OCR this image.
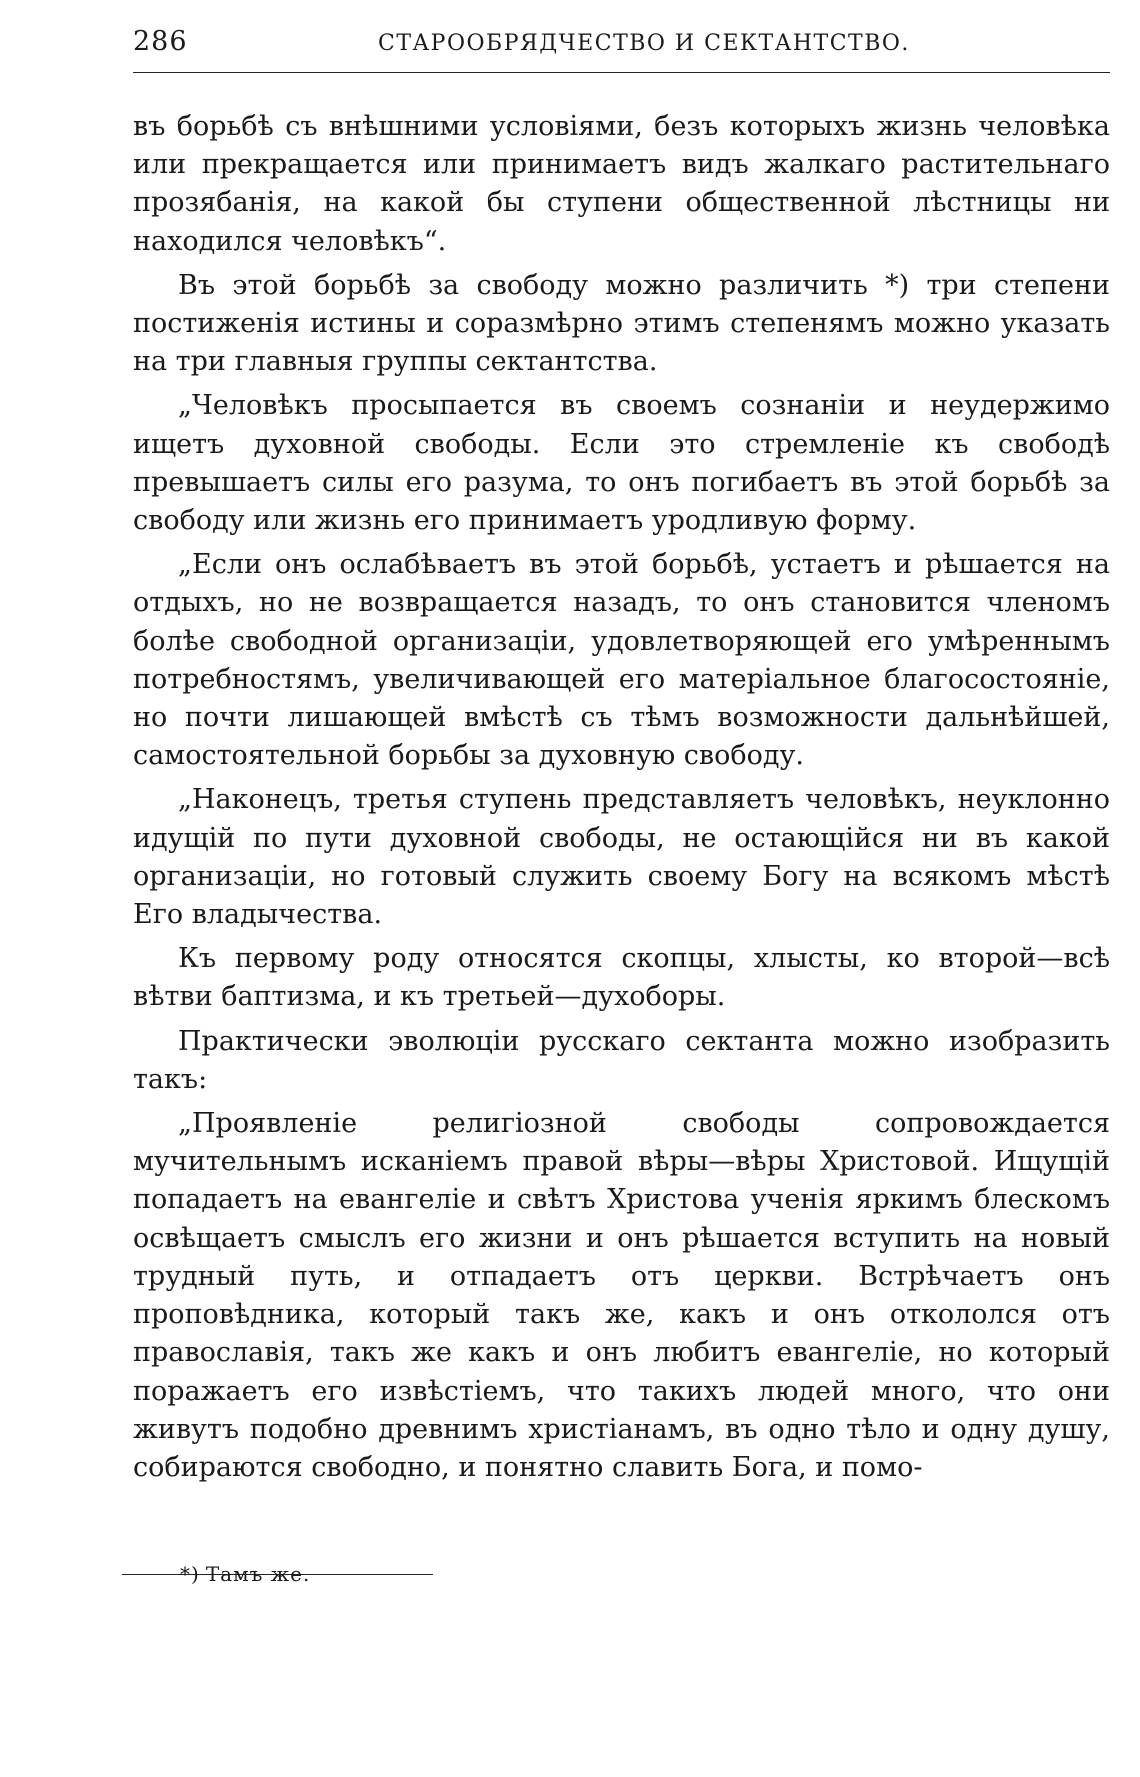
286	СТАРООБРЯДЧЕСТВО И СЕКТАНТСТВО.

въ борьбѣ съ внѣшними условіями, безъ которыхъ жизнь человѣка или прекращается или принимаетъ видъ жалкаго растительнаго прозябанія, на какой бы ступени общественной лѣстницы ни находился человѣкъ“.

Въ этой борьбѣ за свободу можно различить *) три степени постиженія истины и соразмѣрно этимъ степенямъ можно указать на три главныя группы сектантства.

„Человѣкъ просыпается въ своемъ сознаніи и неудержимо ищетъ духовной свободы. Если это стремленіе къ свободѣ превышаетъ силы его разума, то онъ погибаетъ въ этой борьбѣ за свободу или жизнь его принимаетъ уродливую форму.

„Если онъ ослабѣваетъ въ этой борьбѣ, устаетъ и рѣшается на отдыхъ, но не возвращается назадъ, то онъ становится членомъ болѣе свободной организаціи, удовлетворяющей его умѣреннымъ потребностямъ, увеличивающей его матеріальное благосостояніе, но почти лишающей вмѣстѣ съ тѣмъ возможности дальнѣйшей, самостоятельной борьбы за духовную свободу.

„Наконецъ, третья ступень представляетъ человѣкъ, неуклонно идущій по пути духовной свободы, не остающійся ни въ какой организаціи, но готовый служить своему Богу на всякомъ мѣстѣ Его владычества.

Къ первому роду относятся скопцы, хлысты, ко второй—всѣ вѣтви баптизма, и къ третьей—духоборы.

Практически эволюціи русскаго сектанта можно изобразить такъ:

„Проявленіе религіозной свободы сопровождается мучительнымъ исканіемъ правой вѣры—вѣры Христовой. Ищущій попадаетъ на евангеліе и свѣтъ Христова ученія яркимъ блескомъ освѣщаетъ смыслъ его жизни и онъ рѣшается вступить на новый трудный путь, и отпадаетъ отъ церкви. Встрѣчаетъ онъ проповѣдника, который такъ же, какъ и онъ откололся отъ православія, такъ же какъ и онъ любитъ евангеліе, но который поражаетъ его извѣстіемъ, что такихъ людей много, что они живутъ подобно древнимъ христіанамъ, въ одно тѣло и одну душу, собираются свободно, и понятно славить Бога, и помо-

*) Тамъ же.
